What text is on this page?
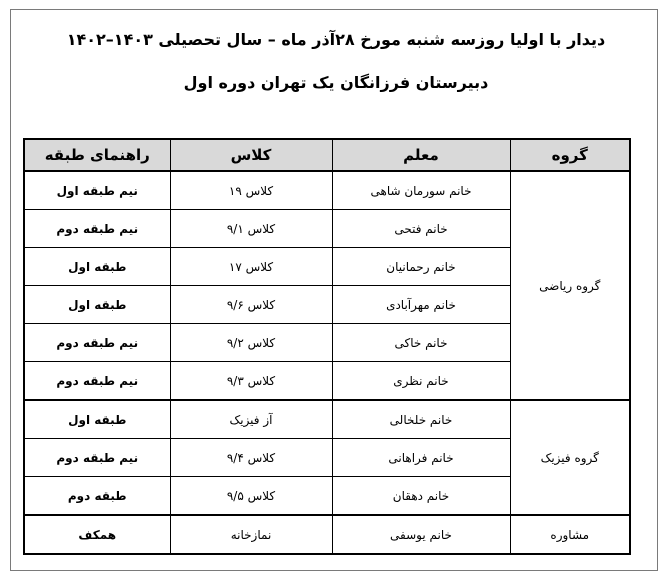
دیدار با اولیا روزسه شنبه مورخ ۲۸آذر ماه – سال تحصیلی ۱۴۰۳–۱۴۰۲
دبیرستان فرزانگان یک تهران دوره اول
گروه	معلم	کلاس	راهنمای طبقه
گروه ریاضی	خانم سورمان شاهی	کلاس ۱۹	نیم طبقه اول
	خانم فتحی	کلاس ۹/۱	نیم طبقه دوم
	خانم رحمانیان	کلاس ۱۷	طبقه اول
	خانم مهرآبادی	کلاس ۹/۶	طبقه اول
	خانم خاکی	کلاس ۹/۲	نیم طبقه دوم
	خانم نظری	کلاس ۹/۳	نیم طبقه دوم
گروه فیزیک	خانم خلخالی	آز فیزیک	طبقه اول
	خانم فراهانی	کلاس ۹/۴	نیم طبقه دوم
	خانم دهقان	کلاس ۹/۵	طبقه دوم
مشاوره	خانم یوسفی	نمازخانه	همکف
